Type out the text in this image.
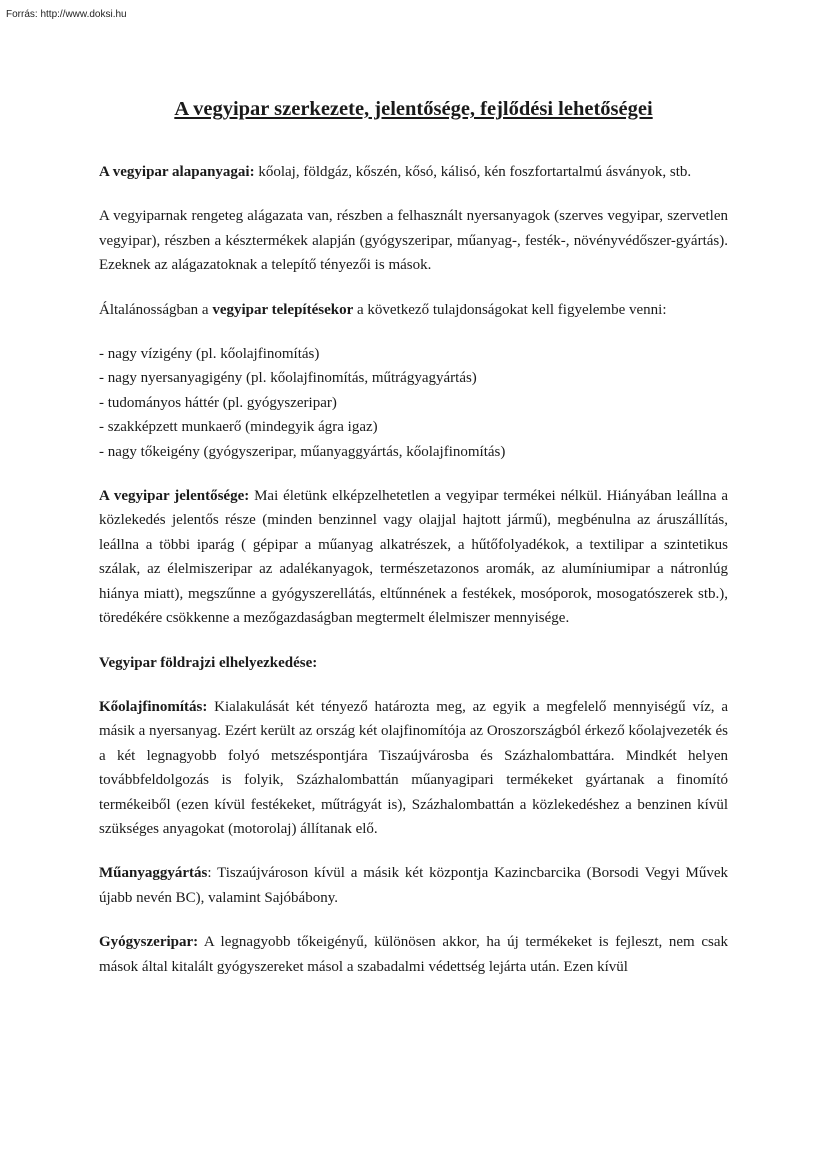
Forrás: http://www.doksi.hu
A vegyipar szerkezete, jelentősége, fejlődési lehetőségei

A vegyipar alapanyagai: kőolaj, földgáz, kőszén, kősó, kálisó, kén foszfortartalmú ásványok, stb.

A vegyiparnak rengeteg alágazata van, részben a felhasznált nyersanyagok (szerves vegyipar, szervetlen vegyipar), részben a késztermékek alapján (gyógyszeripar, műanyag-, festék-, növényvédőszer-gyártás). Ezeknek az alágazatoknak a telepítő tényezői is mások.

Általánosságban a vegyipar telepítésekor a következő tulajdonságokat kell figyelembe venni:

- nagy vízigény (pl. kőolajfinomítás)
- nagy nyersanyagigény (pl. kőolajfinomítás, műtrágyagyártás)
- tudományos háttér (pl. gyógyszeripar)
- szakképzett munkaerő (mindegyik ágra igaz)
- nagy tőkeigény (gyógyszeripar, műanyaggyártás, kőolajfinomítás)

A vegyipar jelentősége: Mai életünk elképzelhetetlen a vegyipar termékei nélkül. Hiányában leállna a közlekedés jelentős része (minden benzinnel vagy olajjal hajtott jármű), megbénulna az áruszállítás, leállna a többi iparág ( gépipar a műanyag alkatrészek, a hűtőfolyadékok, a textilipar a szintetikus szálak, az élelmiszeripar az adalékanyagok, természetazonos aromák, az alumíniumipar a nátronlúg hiánya miatt), megszűnne a gyógyszerellátás, eltűnnének a festékek, mosóporok, mosogatószerek stb.), töredékére csökkenne a mezőgazdaságban megtermelt élelmiszer mennyisége.

Vegyipar földrajzi elhelyezkedése:

Kőolajfinomítás: Kialakulását két tényező határozta meg, az egyik a megfelelő mennyiségű víz, a másik a nyersanyag. Ezért került az ország két olajfinomítója az Oroszországból érkező kőolajvezeték és a két legnagyobb folyó metszéspontjára Tiszaújvárosba és Százhalombattára. Mindkét helyen továbbfeldolgozás is folyik, Százhalombattán műanyagipari termékeket gyártanak a finomító termékeiből (ezen kívül festékeket, műtrágyát is), Százhalombattán a közlekedéshez a benzinen kívül szükséges anyagokat (motorolaj) állítanak elő.

Műanyaggyártás: Tiszaújvároson kívül a másik két központja Kazincbarcika (Borsodi Vegyi Művek újabb nevén BC), valamint Sajóbábony.

Gyógyszeripar: A legnagyobb tőkeigényű, különösen akkor, ha új termékeket is fejleszt, nem csak mások által kitalált gyógyszereket másol a szabadalmi védettség lejárta után. Ezen kívül
